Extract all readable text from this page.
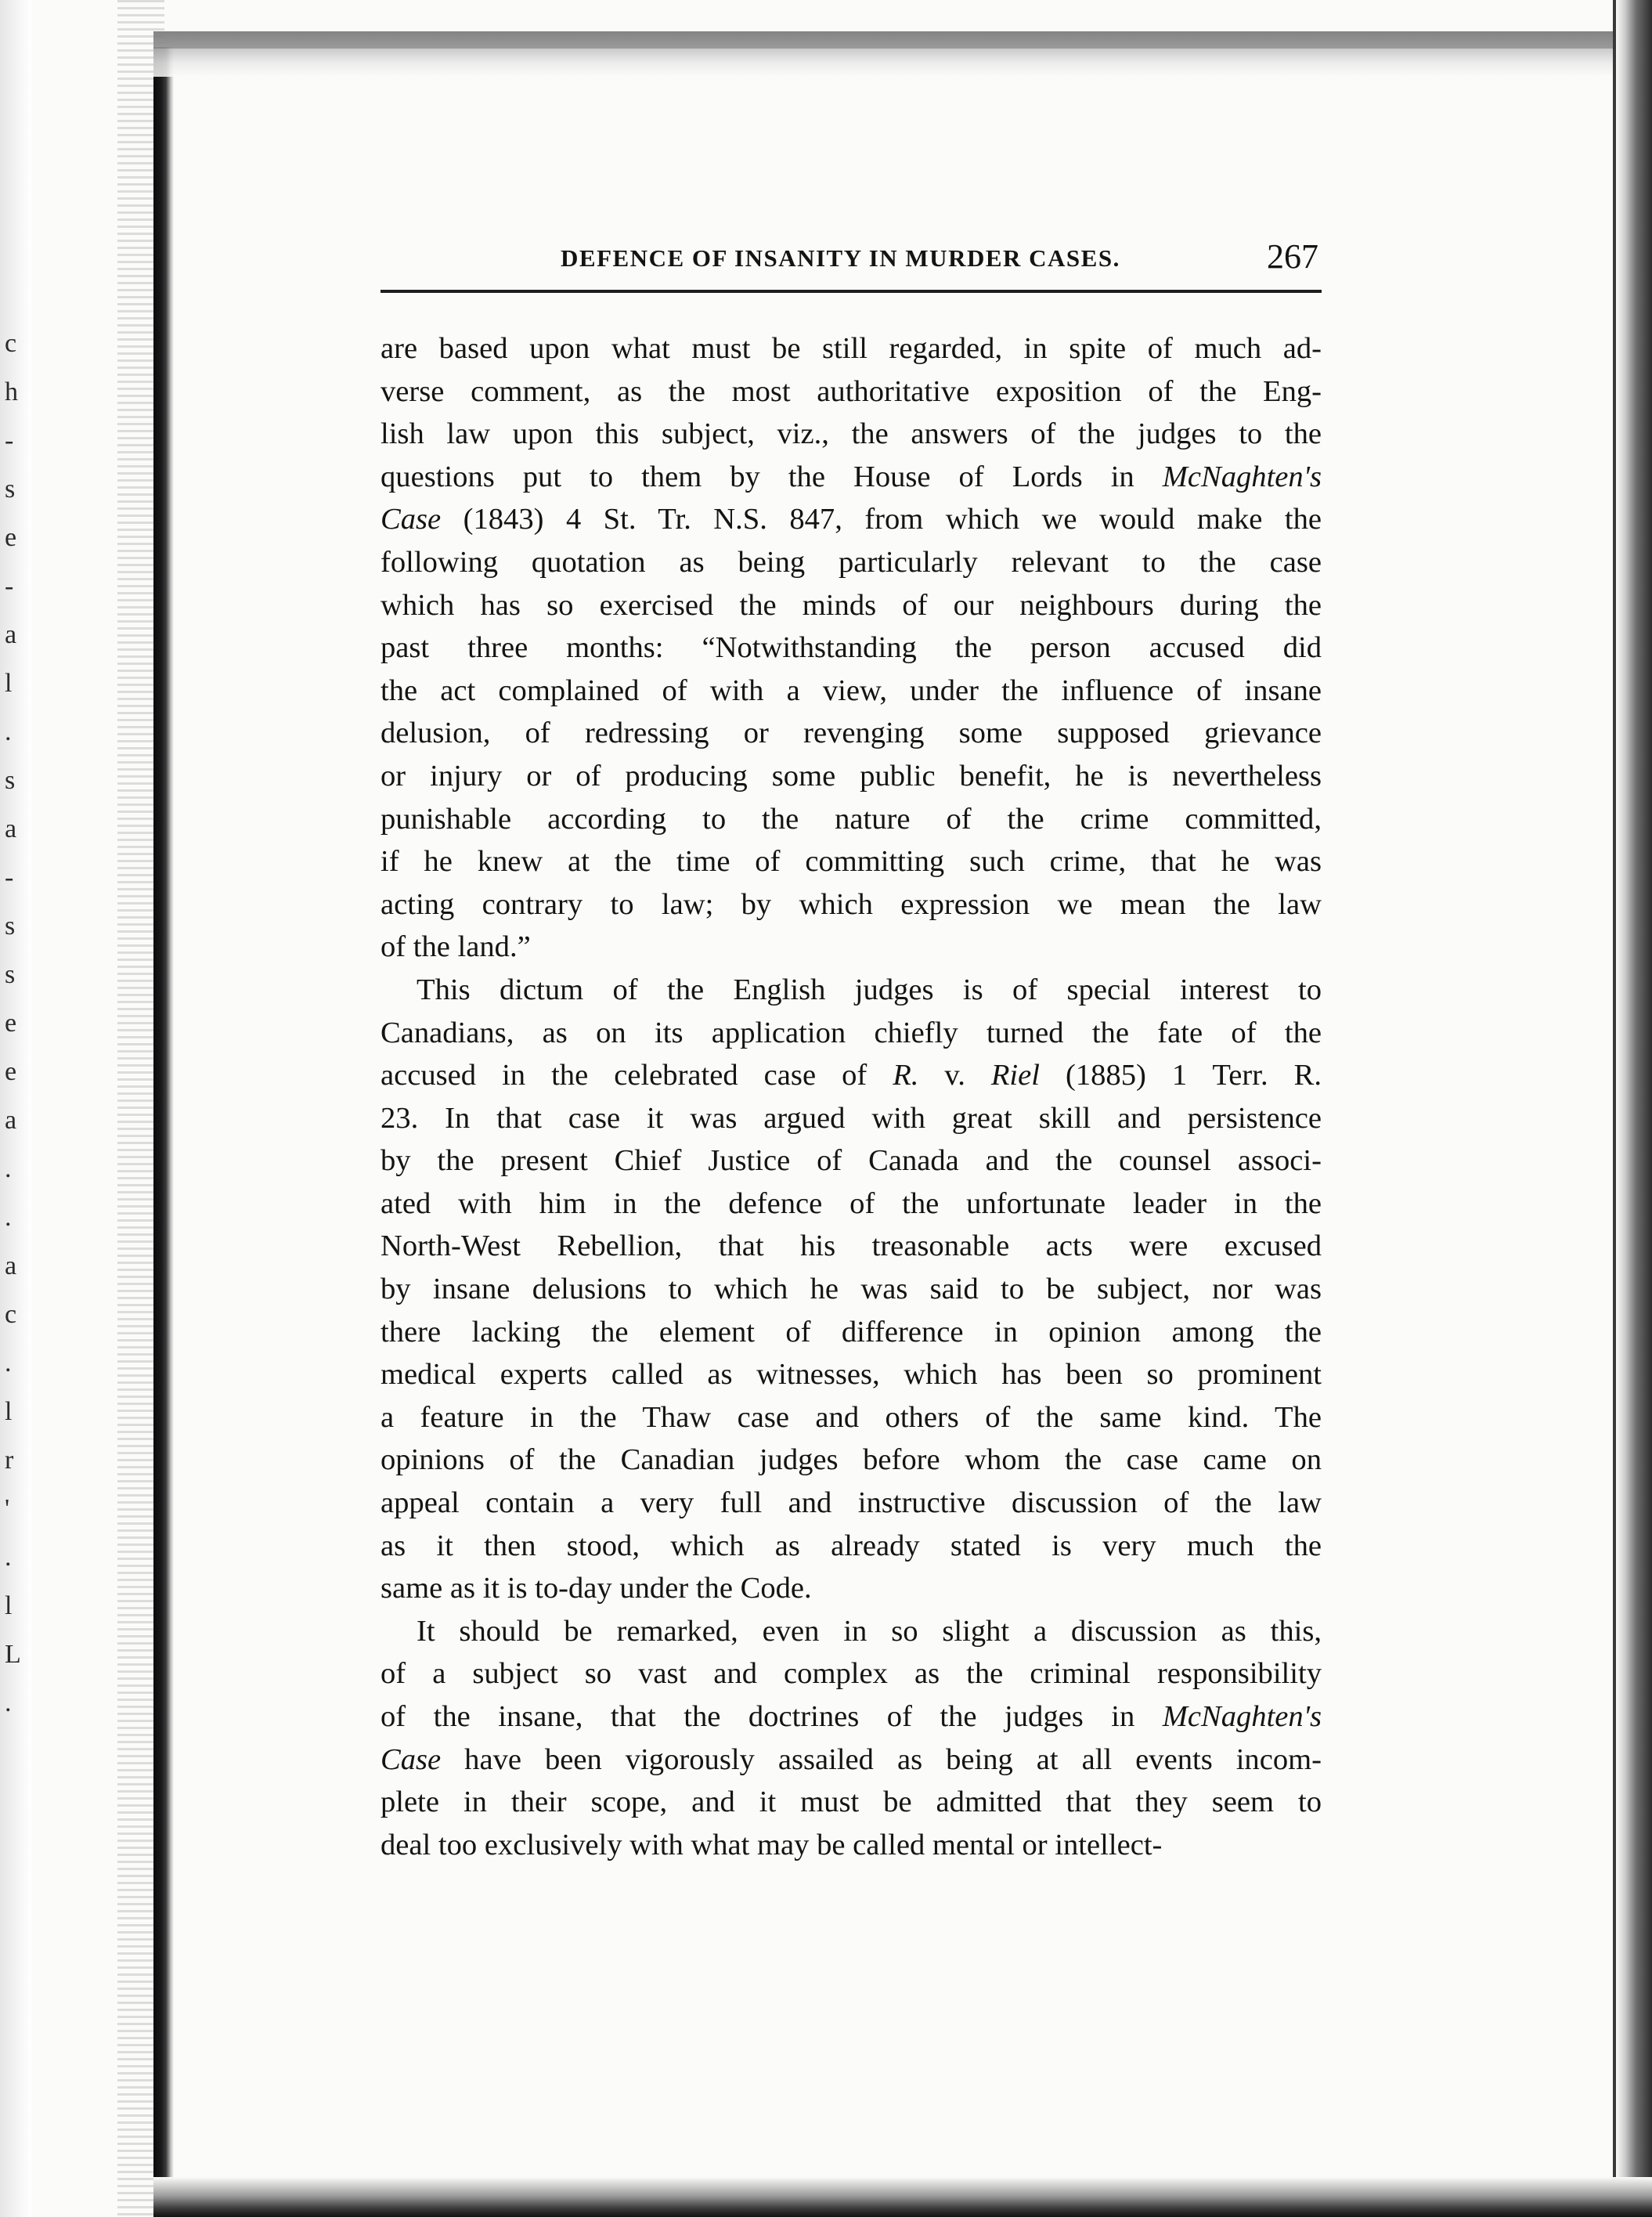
c
h
-
s
e
-
a
l
.
s
a
-
s
s
e
e
a
.
.
a
c
.
l
r
'
.
l
L
.
DEFENCE OF INSANITY IN MURDER CASES.	267
are based upon what must be still regarded, in spite of much ad-
verse comment, as the most authoritative exposition of the Eng-
lish law upon this subject, viz., the answers of the judges to the
questions put to them by the House of Lords in McNaghten's
Case (1843) 4 St. Tr. N.S. 847, from which we would make the
following quotation as being particularly relevant to the case
which has so exercised the minds of our neighbours during the
past three months: “Notwithstanding the person accused did
the act complained of with a view, under the influence of insane
delusion, of redressing or revenging some supposed grievance
or injury or of producing some public benefit, he is nevertheless
punishable according to the nature of the crime committed,
if he knew at the time of committing such crime, that he was
acting contrary to law; by which expression we mean the law
of the land.”
This dictum of the English judges is of special interest to
Canadians, as on its application chiefly turned the fate of the
accused in the celebrated case of R. v. Riel (1885) 1 Terr. R.
23. In that case it was argued with great skill and persistence
by the present Chief Justice of Canada and the counsel associ-
ated with him in the defence of the unfortunate leader in the
North-West Rebellion, that his treasonable acts were excused
by insane delusions to which he was said to be subject, nor was
there lacking the element of difference in opinion among the
medical experts called as witnesses, which has been so prominent
a feature in the Thaw case and others of the same kind. The
opinions of the Canadian judges before whom the case came on
appeal contain a very full and instructive discussion of the law
as it then stood, which as already stated is very much the
same as it is to-day under the Code.
It should be remarked, even in so slight a discussion as this,
of a subject so vast and complex as the criminal responsibility
of the insane, that the doctrines of the judges in McNaghten's
Case have been vigorously assailed as being at all events incom-
plete in their scope, and it must be admitted that they seem to
deal too exclusively with what may be called mental or intellect-
